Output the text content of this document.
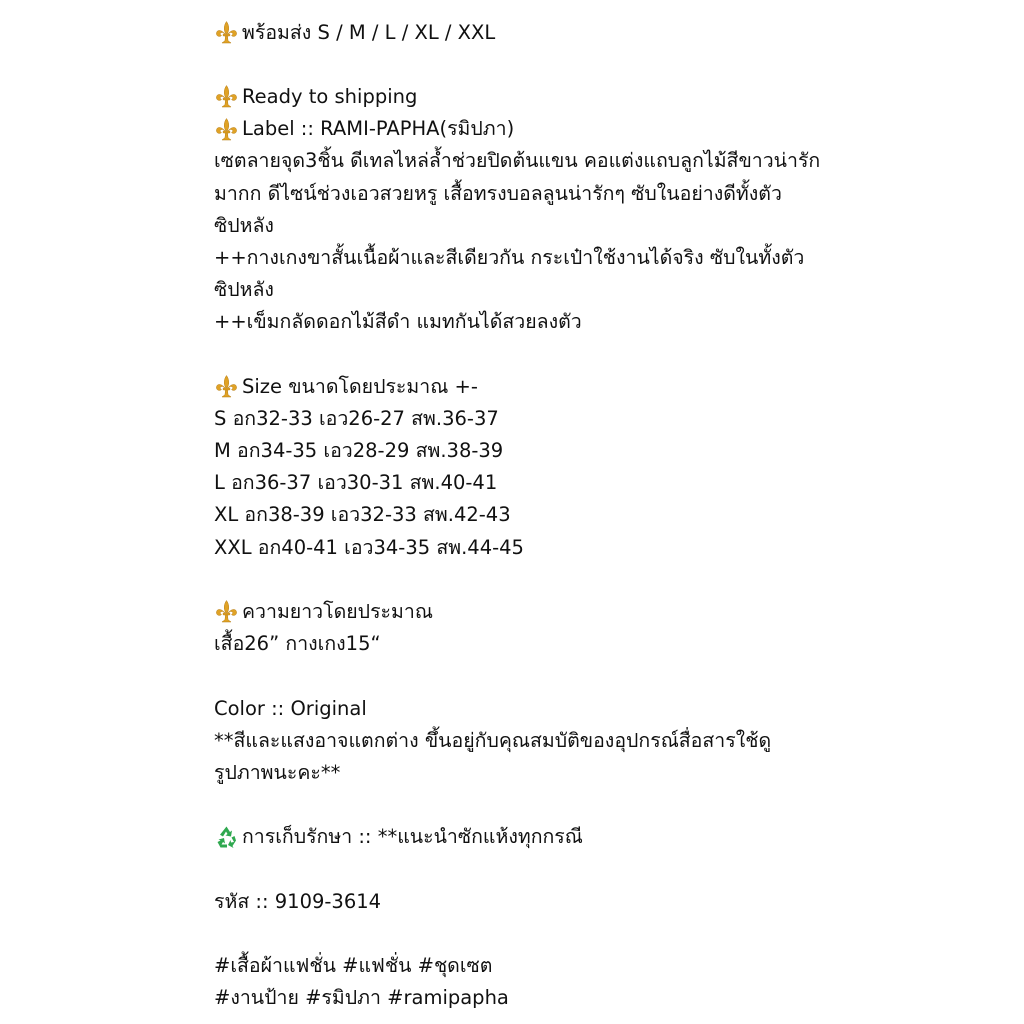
พร้อมส่ง S / M / L / XL / XXL
Ready to shipping
Label :: RAMI-PAPHA(รมิปภา)
เซตลายจุด3ชิ้น ดีเทลไหล่ล้ำช่วยปิดต้นแขน คอแต่งแถบลูกไม้สีขาวน่ารัก
มากก ดีไซน์ช่วงเอวสวยหรู เสื้อทรงบอลลูนน่ารักๆ ซับในอย่างดีทั้งตัว
ซิปหลัง
++กางเกงขาสั้นเนื้อผ้าและสีเดียวกัน กระเป๋าใช้งานได้จริง ซับในทั้งตัว
ซิปหลัง
++เข็มกลัดดอกไม้สีดำ แมทกันได้สวยลงตัว
Size ขนาดโดยประมาณ +-
S อก32-33 เอว26-27 สพ.36-37
M อก34-35 เอว28-29 สพ.38-39
L อก36-37 เอว30-31 สพ.40-41
XL อก38-39 เอว32-33 สพ.42-43
XXL อก40-41 เอว34-35 สพ.44-45
ความยาวโดยประมาณ
เสื้อ26” กางเกง15“
Color :: Original
**สีและแสงอาจแตกต่าง ขึ้นอยู่กับคุณสมบัติของอุปกรณ์สื่อสารใช้ดู
รูปภาพนะคะ**
การเก็บรักษา :: **แนะนำซักแห้งทุกกรณี
รหัส :: 9109-3614
#เสื้อผ้าแฟชั่น #แฟชั่น #ชุดเซต
#งานป้าย #รมิปภา #ramipapha
